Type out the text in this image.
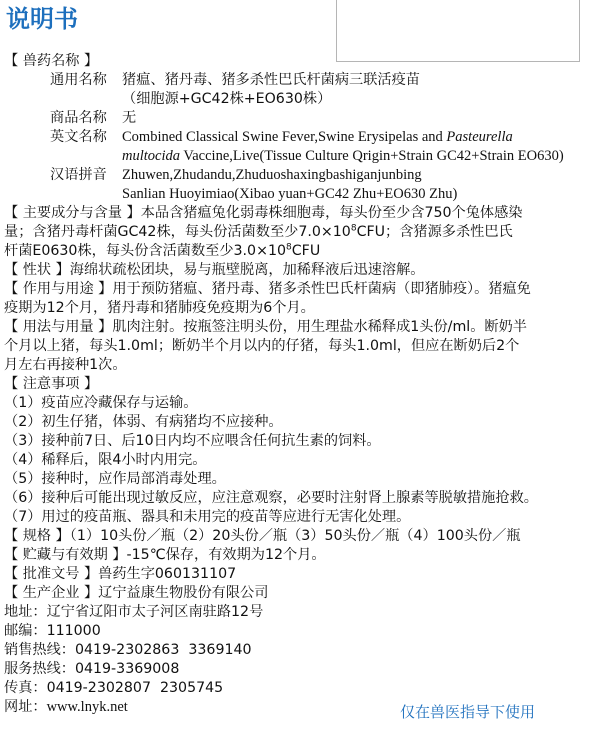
说明书
【 兽药名称 】
通用名称	猪瘟、猪丹毒、猪多杀性巴氏杆菌病三联活疫苗
（细胞源+GC42株+EO630株）
商品名称	无
英文名称	Combined Classical Swine Fever,Swine Erysipelas and Pasteurella
multocida Vaccine,Live(Tissue Culture Qrigin+Strain GC42+Strain EO630)
汉语拼音	Zhuwen,Zhudandu,Zhuduoshaxingbashiganjunbing
Sanlian Huoyimiao(Xibao yuan+GC42 Zhu+EO630 Zhu)
【 主要成分与含量 】本品含猪瘟兔化弱毒株细胞毒，每头份至少含750个兔体感染
量；含猪丹毒杆菌GC42株，每头份活菌数至少$7.0\times 10^8CFU$；含猪源多杀性巴氏
杆菌E0630株，每头份含活菌数至少$3.0\times 10^8CFU$
【 性状 】海绵状疏松团块，易与瓶壁脱离，加稀释液后迅速溶解。
【 作用与用途 】用于预防猪瘟、猪丹毒、猪多杀性巴氏杆菌病（即猪肺疫）。猪瘟免
疫期为12个月，猪丹毒和猪肺疫免疫期为6个月。
【 用法与用量 】肌肉注射。按瓶签注明头份，用生理盐水稀释成1头份/ml。断奶半
个月以上猪，每头1.0ml；断奶半个月以内的仔猪，每头1.0ml，但应在断奶后2个
月左右再接种1次。
【 注意事项 】
（1）疫苗应冷藏保存与运输。
（2）初生仔猪，体弱、有病猪均不应接种。
（3）接种前7日、后10日内均不应喂含任何抗生素的饲料。
（4）稀释后，限4小时内用完。
（5）接种时，应作局部消毒处理。
（6）接种后可能出现过敏反应，应注意观察，必要时注射肾上腺素等脱敏措施抢救。
（7）用过的疫苗瓶、器具和未用完的疫苗等应进行无害化处理。
【 规格 】（1）10头份／瓶（2）20头份／瓶（3）50头份／瓶（4）100头份／瓶
【 贮藏与有效期 】-15℃保存，有效期为12个月。
【 批准文号 】兽药生字060131107
【 生产企业 】辽宁益康生物股份有限公司
地址：辽宁省辽阳市太子河区南驻路12号
邮编：111000
销售热线：0419-2302863  3369140
服务热线：0419-3369008
传真：0419-2302807  2305745
网址：www.lnyk.net	仅在兽医指导下使用
